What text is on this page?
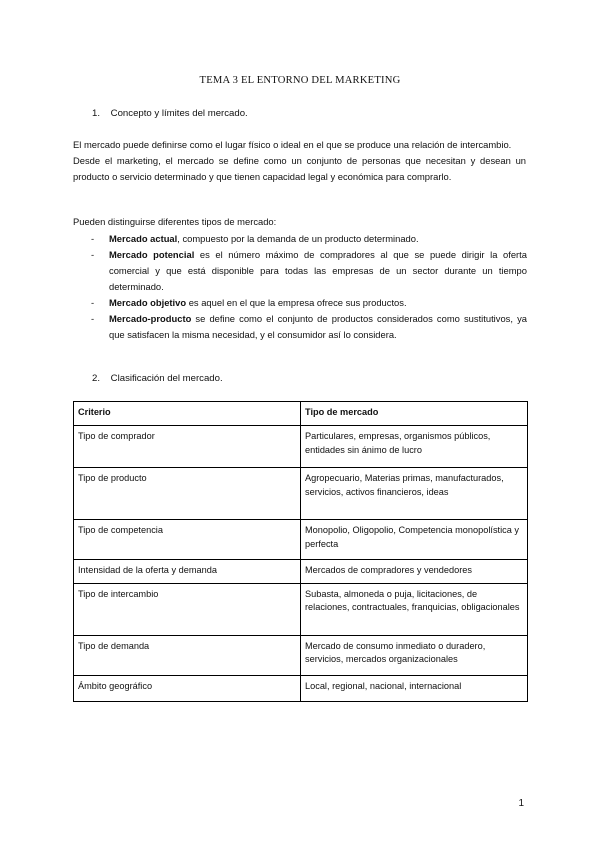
TEMA 3 EL ENTORNO DEL MARKETING
1. Concepto y límites del mercado.

El mercado puede definirse como el lugar físico o ideal en el que se produce una relación de intercambio.

Desde el marketing, el mercado se define como un conjunto de personas que necesitan y desean un producto o servicio determinado y que tienen capacidad legal y económica para comprarlo.

Pueden distinguirse diferentes tipos de mercado:
- Mercado actual, compuesto por la demanda de un producto determinado.
- Mercado potencial es el número máximo de compradores al que se puede dirigir la oferta comercial y que está disponible para todas las empresas de un sector durante un tiempo determinado.
- Mercado objetivo es aquel en el que la empresa ofrece sus productos.
- Mercado-producto se define como el conjunto de productos considerados como sustitutivos, ya que satisfacen la misma necesidad, y el consumidor así lo considera.
2. Clasificación del mercado.
Criterio	Tipo de mercado
Tipo de comprador	Particulares, empresas, organismos públicos, entidades sin ánimo de lucro
Tipo de producto	Agropecuario, Materias primas, manufacturados, servicios, activos financieros, ideas
Tipo de competencia	Monopolio, Oligopolio, Competencia monopolística y perfecta
Intensidad de la oferta y demanda	Mercados de compradores y vendedores
Tipo de intercambio	Subasta, almoneda o puja, licitaciones, de relaciones, contractuales, franquicias, obligacionales
Tipo de demanda	Mercado de consumo inmediato o duradero, servicios, mercados organizacionales
Ámbito geográfico	Local, regional, nacional, internacional
1
